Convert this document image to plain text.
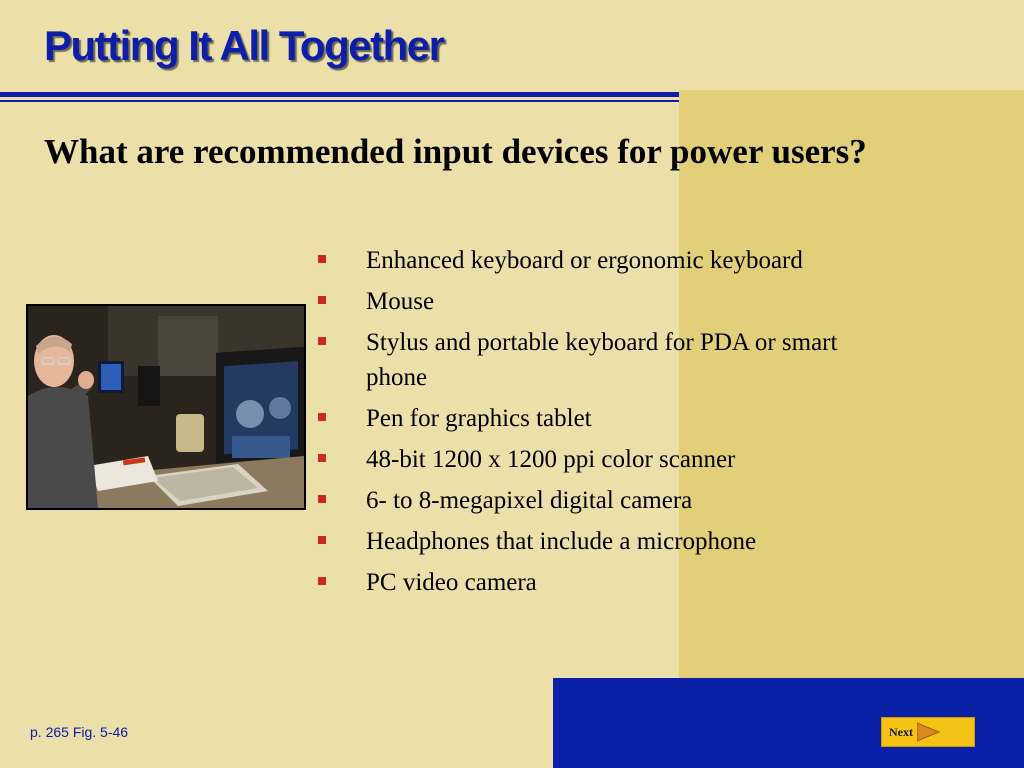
Putting It All Together
What are recommended input devices for power users?
Enhanced keyboard or ergonomic keyboard
Mouse
Stylus and portable keyboard for PDA or smart phone
Pen for graphics tablet
48-bit 1200 x 1200 ppi color scanner
6- to 8-megapixel digital camera
Headphones that include a microphone
PC video camera
p. 265 Fig. 5-46	Next
